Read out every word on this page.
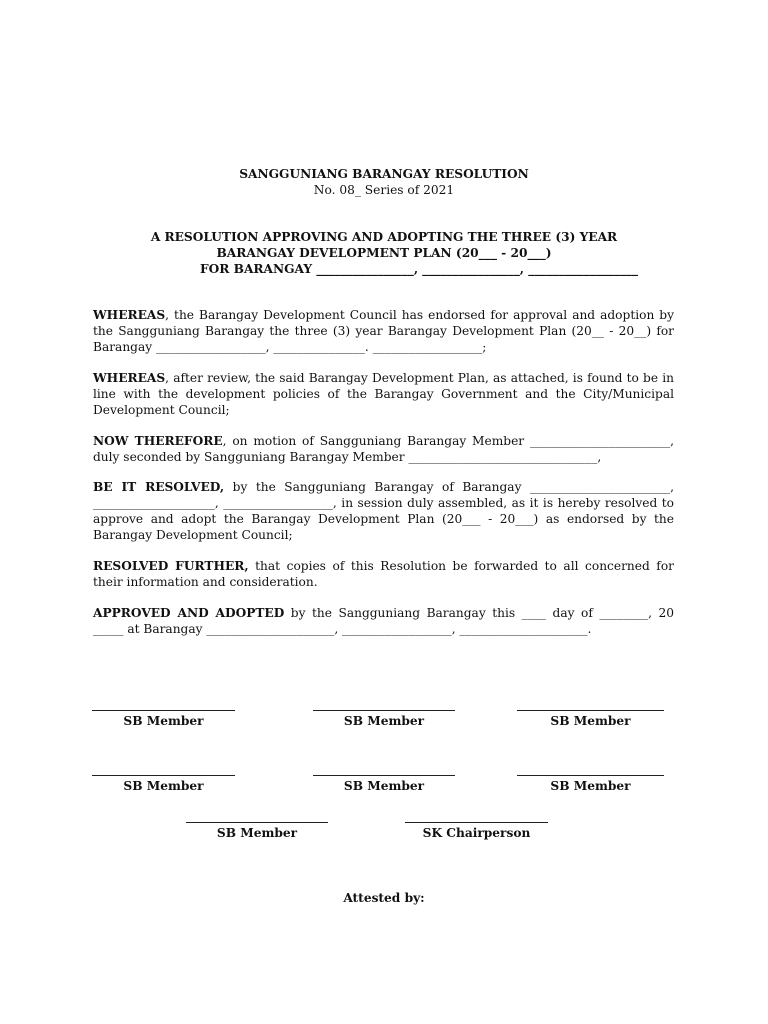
SANGGUNIANG BARANGAY RESOLUTION
No. 08_ Series of 2021
A RESOLUTION APPROVING AND ADOPTING THE THREE (3) YEAR
BARANGAY DEVELOPMENT PLAN (20___ - 20___)
FOR BARANGAY ________________, ________________, __________________

WHEREAS, the Barangay Development Council has endorsed for approval and adoption by the Sangguniang Barangay the three (3) year Barangay Development Plan (20__ - 20__) for Barangay __________________, _______________. __________________;

WHEREAS, after review, the said Barangay Development Plan, as attached, is found to be in line with the development policies of the Barangay Government and the City/Municipal Development Council;

NOW THEREFORE, on motion of Sangguniang Barangay Member _______________________, duly seconded by Sangguniang Barangay Member _______________________________,

BE IT RESOLVED, by the Sangguniang Barangay of Barangay _______________________, ____________________, __________________, in session duly assembled, as it is hereby resolved to approve and adopt the Barangay Development Plan (20___ - 20___) as endorsed by the Barangay Development Council;

RESOLVED FURTHER, that copies of this Resolution be forwarded to all concerned for their information and consideration.

APPROVED AND ADOPTED by the Sangguniang Barangay this ____ day of ________, 20 _____ at Barangay _____________________, __________________, _____________________.

SB Member	SB Member	SB Member
SB Member	SB Member	SB Member
SB Member	SK Chairperson
Attested by:
